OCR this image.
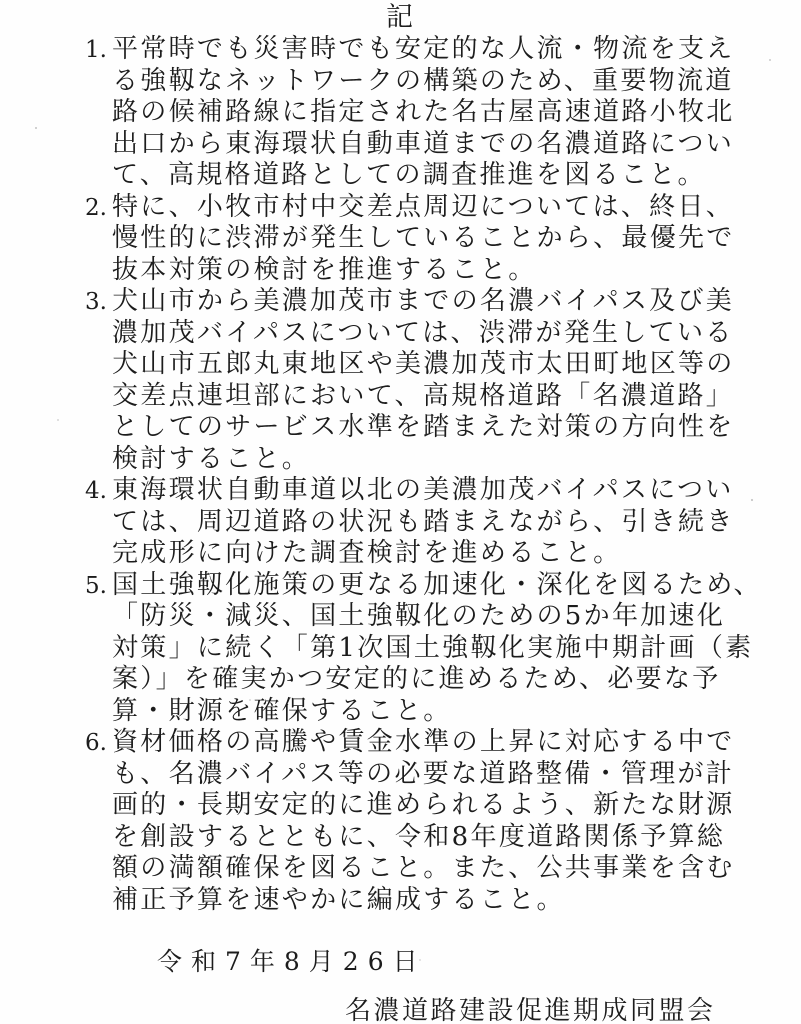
記
1. 平常時でも災害時でも安定的な人流・物流を支え
る強靱なネットワークの構築のため、重要物流道
路の候補路線に指定された名古屋高速道路小牧北
出口から東海環状自動車道までの名濃道路につい
て、高規格道路としての調査推進を図ること。
2. 特に、小牧市村中交差点周辺については、終日、
慢性的に渋滞が発生していることから、最優先で
抜本対策の検討を推進すること。
3. 犬山市から美濃加茂市までの名濃バイパス及び美
濃加茂バイパスについては、渋滞が発生している
犬山市五郎丸東地区や美濃加茂市太田町地区等の
交差点連坦部において、高規格道路「名濃道路」
としてのサービス水準を踏まえた対策の方向性を
検討すること。
4. 東海環状自動車道以北の美濃加茂バイパスについ
ては、周辺道路の状況も踏まえながら、引き続き
完成形に向けた調査検討を進めること。
5. 国土強靱化施策の更なる加速化・深化を図るため、
「防災・減災、国土強靱化のための5か年加速化
対策」に続く「第1次国土強靱化実施中期計画（素
案）」を確実かつ安定的に進めるため、必要な予
算・財源を確保すること。
6. 資材価格の高騰や賃金水準の上昇に対応する中で
も、名濃バイパス等の必要な道路整備・管理が計
画的・長期安定的に進められるよう、新たな財源
を創設するとともに、令和8年度道路関係予算総
額の満額確保を図ること。また、公共事業を含む
補正予算を速やかに編成すること。
令和7年8月26日
名濃道路建設促進期成同盟会
